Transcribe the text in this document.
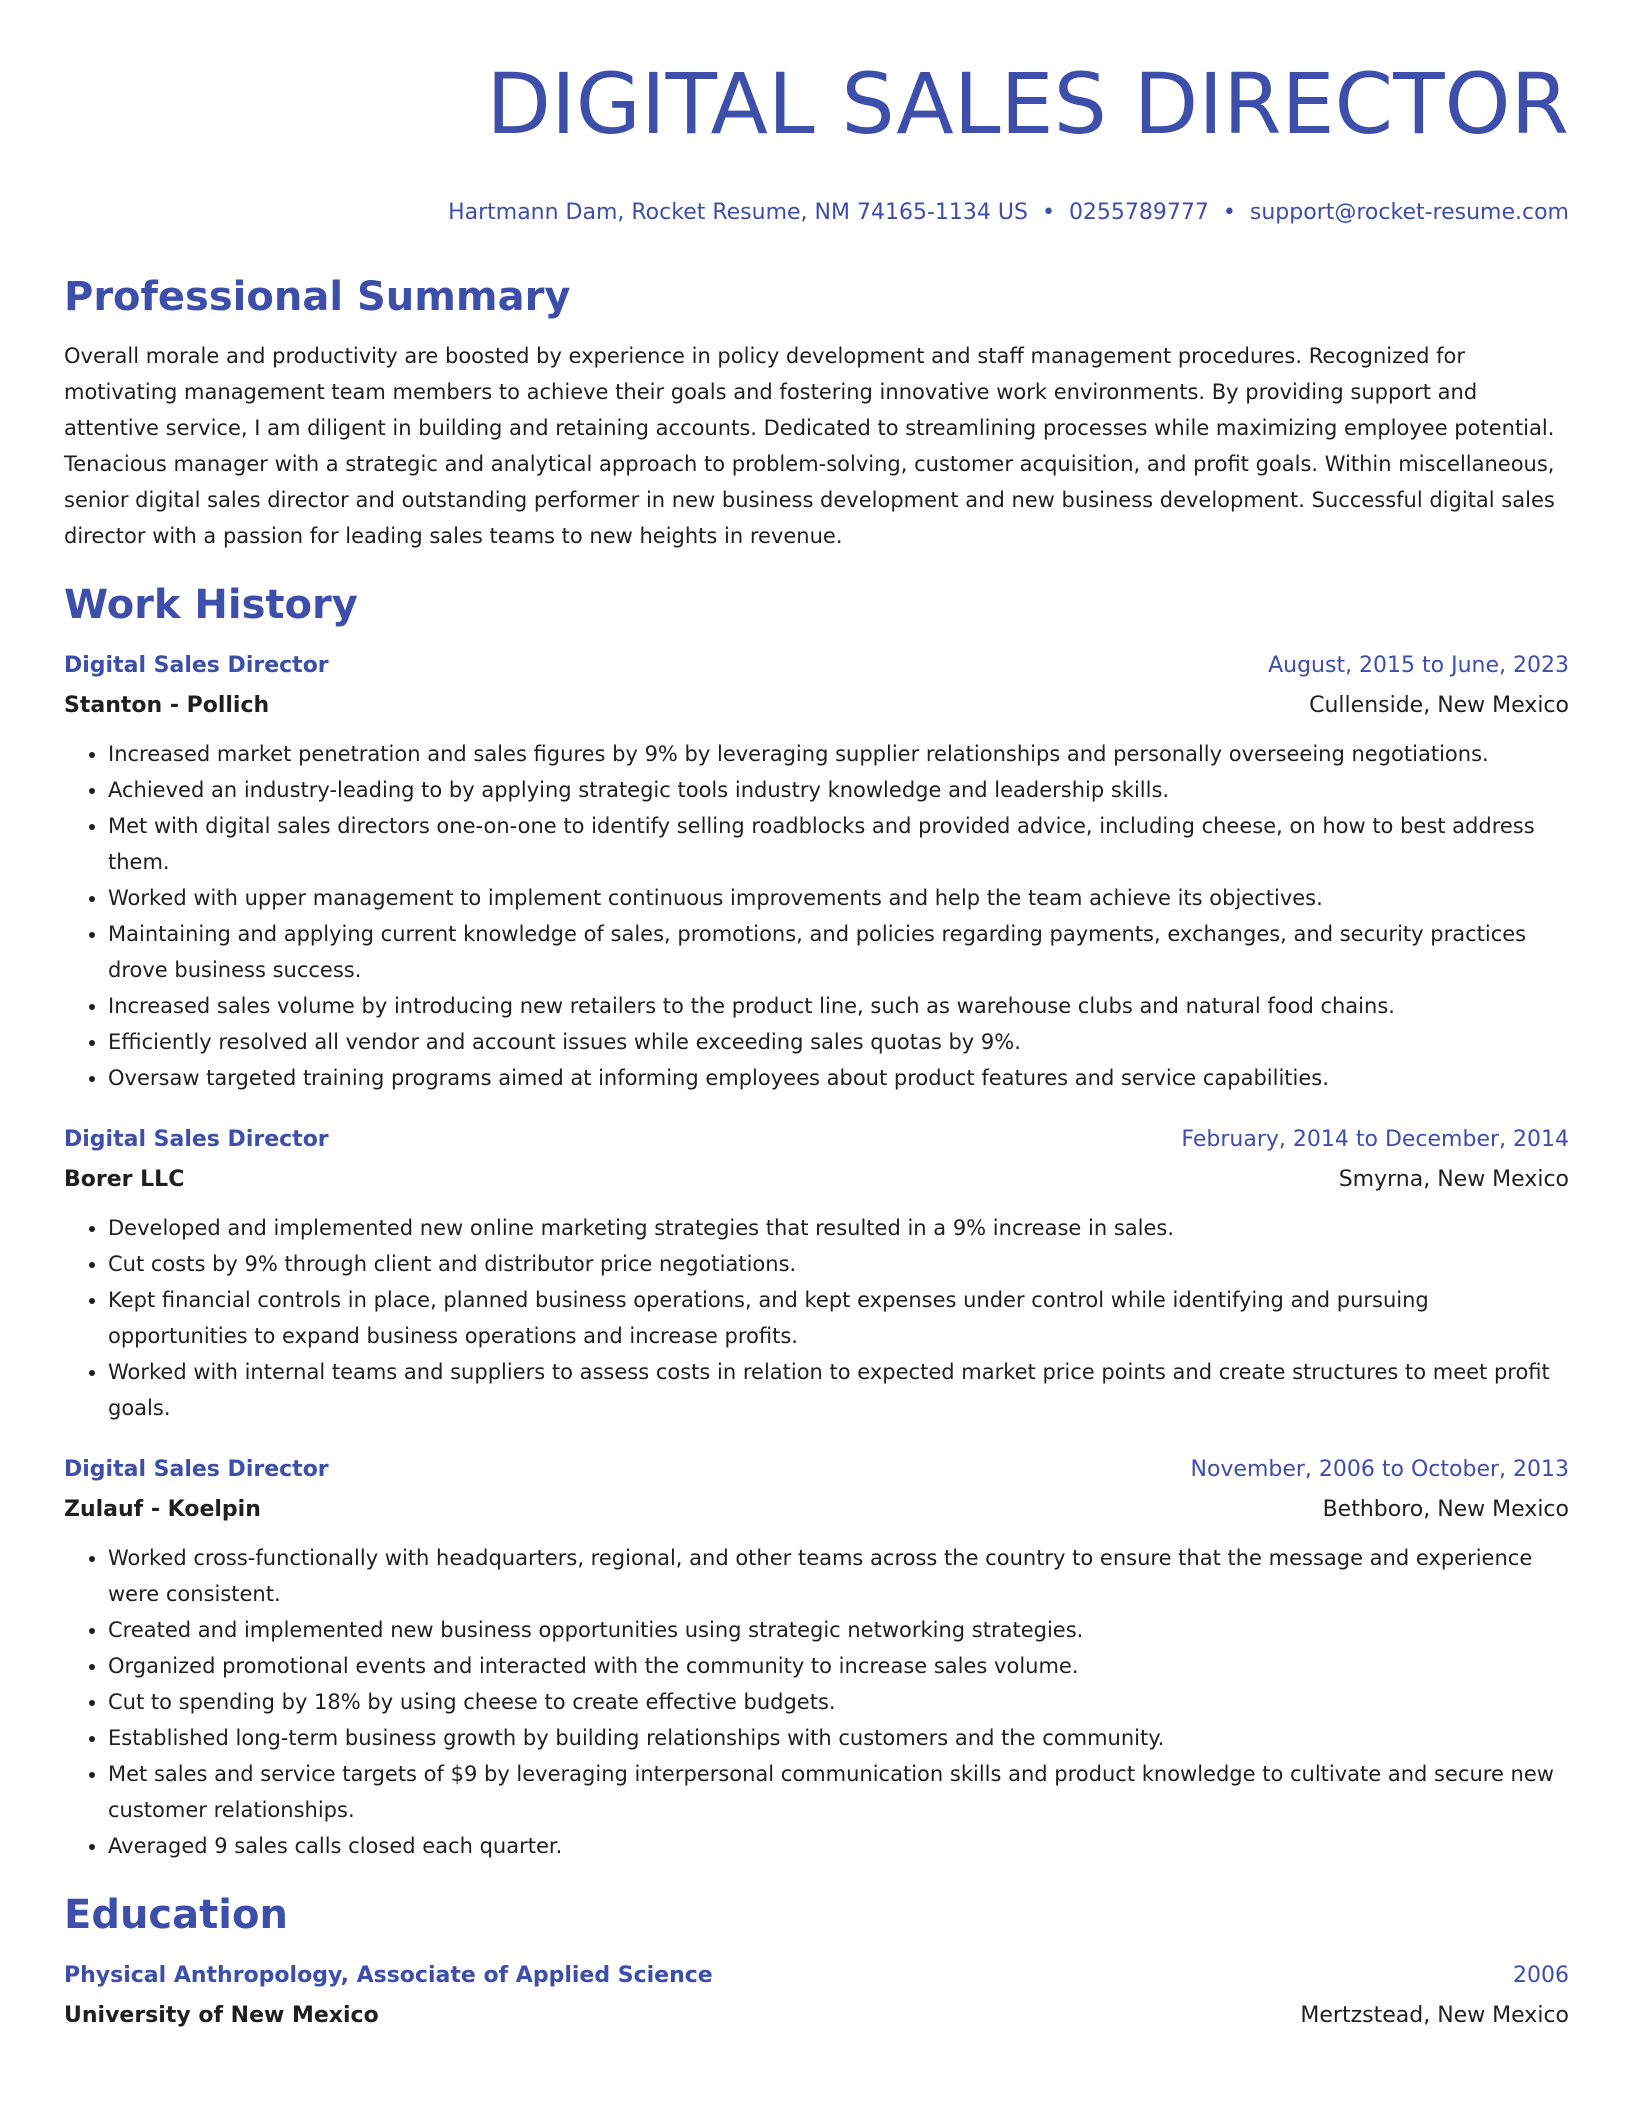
DIGITAL SALES DIRECTOR
Hartmann Dam, Rocket Resume, NM 74165-1134 US • 0255789777 • support@rocket-resume.com
Professional Summary
Overall morale and productivity are boosted by experience in policy development and staff management procedures. Recognized for motivating management team members to achieve their goals and fostering innovative work environments. By providing support and attentive service, I am diligent in building and retaining accounts. Dedicated to streamlining processes while maximizing employee potential. Tenacious manager with a strategic and analytical approach to problem-solving, customer acquisition, and profit goals. Within miscellaneous, senior digital sales director and outstanding performer in new business development and new business development. Successful digital sales director with a passion for leading sales teams to new heights in revenue.
Work History
Digital Sales Director	August, 2015 to June, 2023
Stanton - Pollich	Cullenside, New Mexico
• Increased market penetration and sales figures by 9% by leveraging supplier relationships and personally overseeing negotiations.
• Achieved an industry-leading to by applying strategic tools industry knowledge and leadership skills.
• Met with digital sales directors one-on-one to identify selling roadblocks and provided advice, including cheese, on how to best address them.
• Worked with upper management to implement continuous improvements and help the team achieve its objectives.
• Maintaining and applying current knowledge of sales, promotions, and policies regarding payments, exchanges, and security practices drove business success.
• Increased sales volume by introducing new retailers to the product line, such as warehouse clubs and natural food chains.
• Efficiently resolved all vendor and account issues while exceeding sales quotas by 9%.
• Oversaw targeted training programs aimed at informing employees about product features and service capabilities.
Digital Sales Director	February, 2014 to December, 2014
Borer LLC	Smyrna, New Mexico
• Developed and implemented new online marketing strategies that resulted in a 9% increase in sales.
• Cut costs by 9% through client and distributor price negotiations.
• Kept financial controls in place, planned business operations, and kept expenses under control while identifying and pursuing opportunities to expand business operations and increase profits.
• Worked with internal teams and suppliers to assess costs in relation to expected market price points and create structures to meet profit goals.
Digital Sales Director	November, 2006 to October, 2013
Zulauf - Koelpin	Bethboro, New Mexico
• Worked cross-functionally with headquarters, regional, and other teams across the country to ensure that the message and experience were consistent.
• Created and implemented new business opportunities using strategic networking strategies.
• Organized promotional events and interacted with the community to increase sales volume.
• Cut to spending by 18% by using cheese to create effective budgets.
• Established long-term business growth by building relationships with customers and the community.
• Met sales and service targets of $9 by leveraging interpersonal communication skills and product knowledge to cultivate and secure new customer relationships.
• Averaged 9 sales calls closed each quarter.
Education
Physical Anthropology, Associate of Applied Science	2006
University of New Mexico	Mertzstead, New Mexico
